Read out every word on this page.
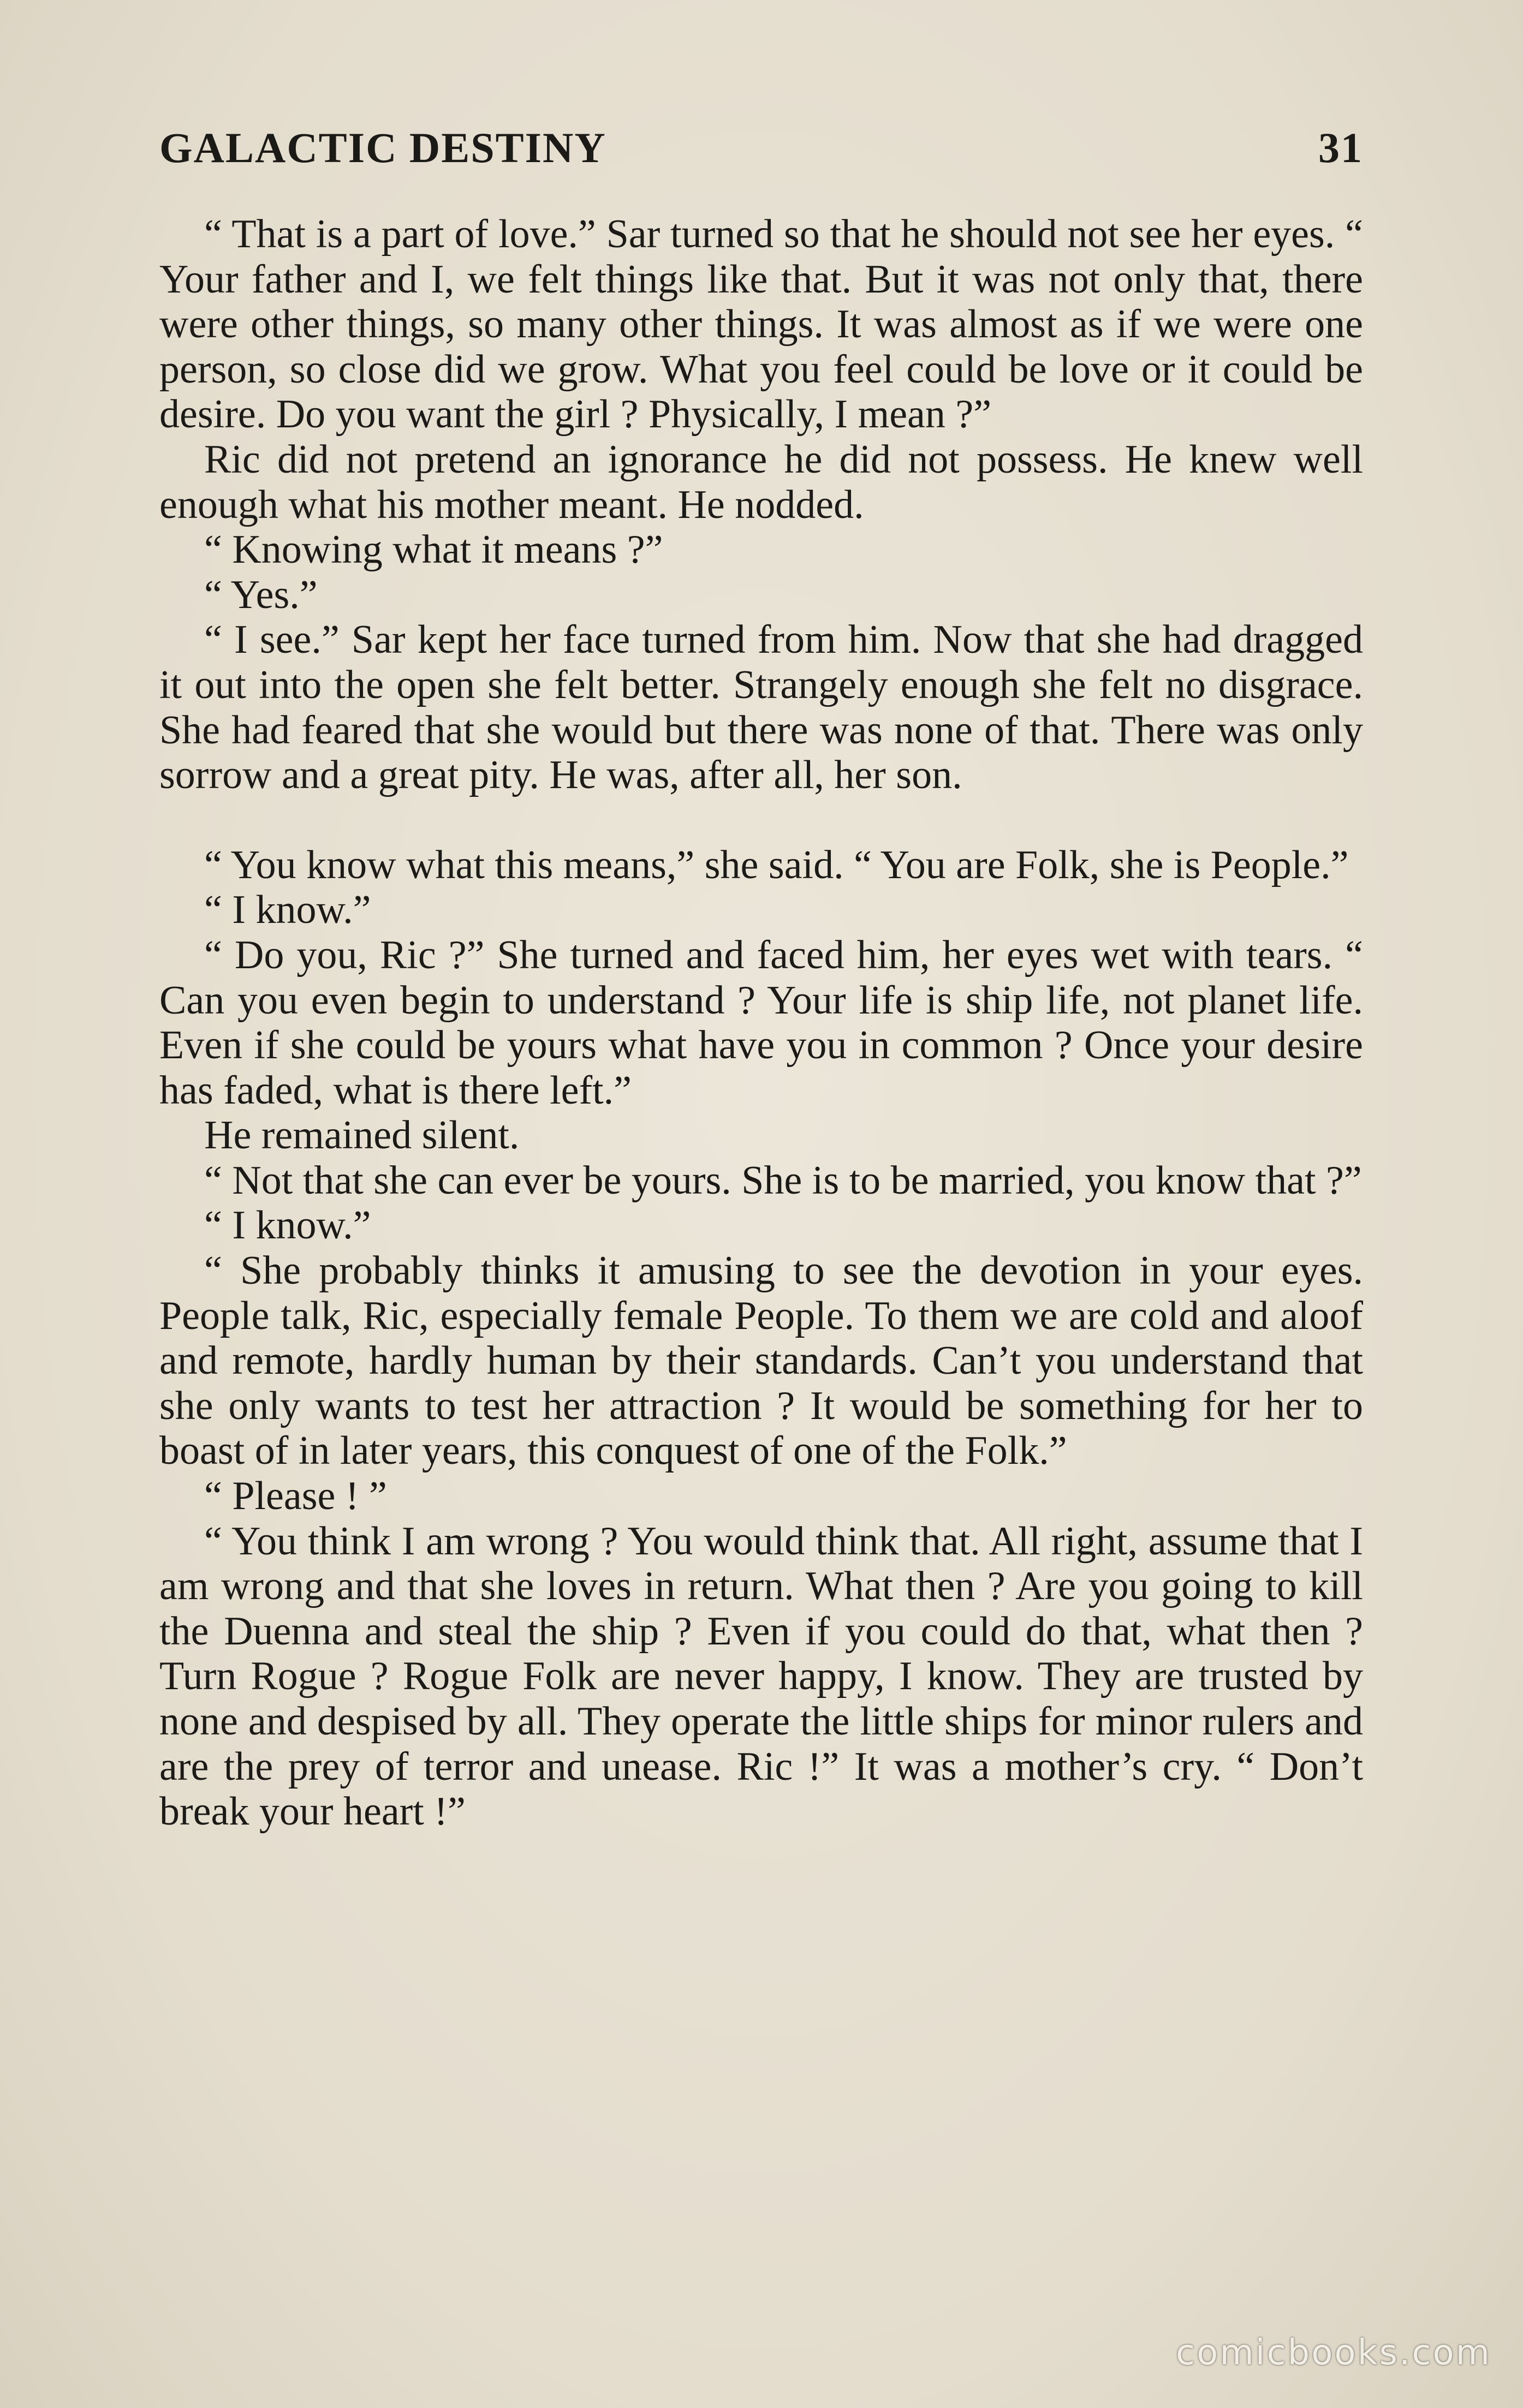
GALACTIC DESTINY	31

“ That is a part of love.” Sar turned so that he should not see her eyes. “ Your father and I, we felt things like that. But it was not only that, there were other things, so many other things. It was almost as if we were one person, so close did we grow. What you feel could be love or it could be desire. Do you want the girl ? Physically, I mean ?”

Ric did not pretend an ignorance he did not possess. He knew well enough what his mother meant. He nodded.

“ Knowing what it means ?”

“ Yes.”

“ I see.” Sar kept her face turned from him. Now that she had dragged it out into the open she felt better. Strangely enough she felt no disgrace. She had feared that she would but there was none of that. There was only sorrow and a great pity. He was, after all, her son.

“ You know what this means,” she said. “ You are Folk, she is People.”

“ I know.”

“ Do you, Ric ?” She turned and faced him, her eyes wet with tears. “ Can you even begin to understand ? Your life is ship life, not planet life. Even if she could be yours what have you in common ? Once your desire has faded, what is there left.”

He remained silent.

“ Not that she can ever be yours. She is to be married, you know that ?”

“ I know.”

“ She probably thinks it amusing to see the devotion in your eyes. People talk, Ric, especially female People. To them we are cold and aloof and remote, hardly human by their standards. Can’t you understand that she only wants to test her attraction ? It would be something for her to boast of in later years, this conquest of one of the Folk.”

“ Please ! ”

“ You think I am wrong ? You would think that. All right, assume that I am wrong and that she loves in return. What then ? Are you going to kill the Duenna and steal the ship ? Even if you could do that, what then ? Turn Rogue ? Rogue Folk are never happy, I know. They are trusted by none and despised by all. They operate the little ships for minor rulers and are the prey of terror and unease. Ric !” It was a mother’s cry. “ Don’t break your heart !”

comicbooks.com
